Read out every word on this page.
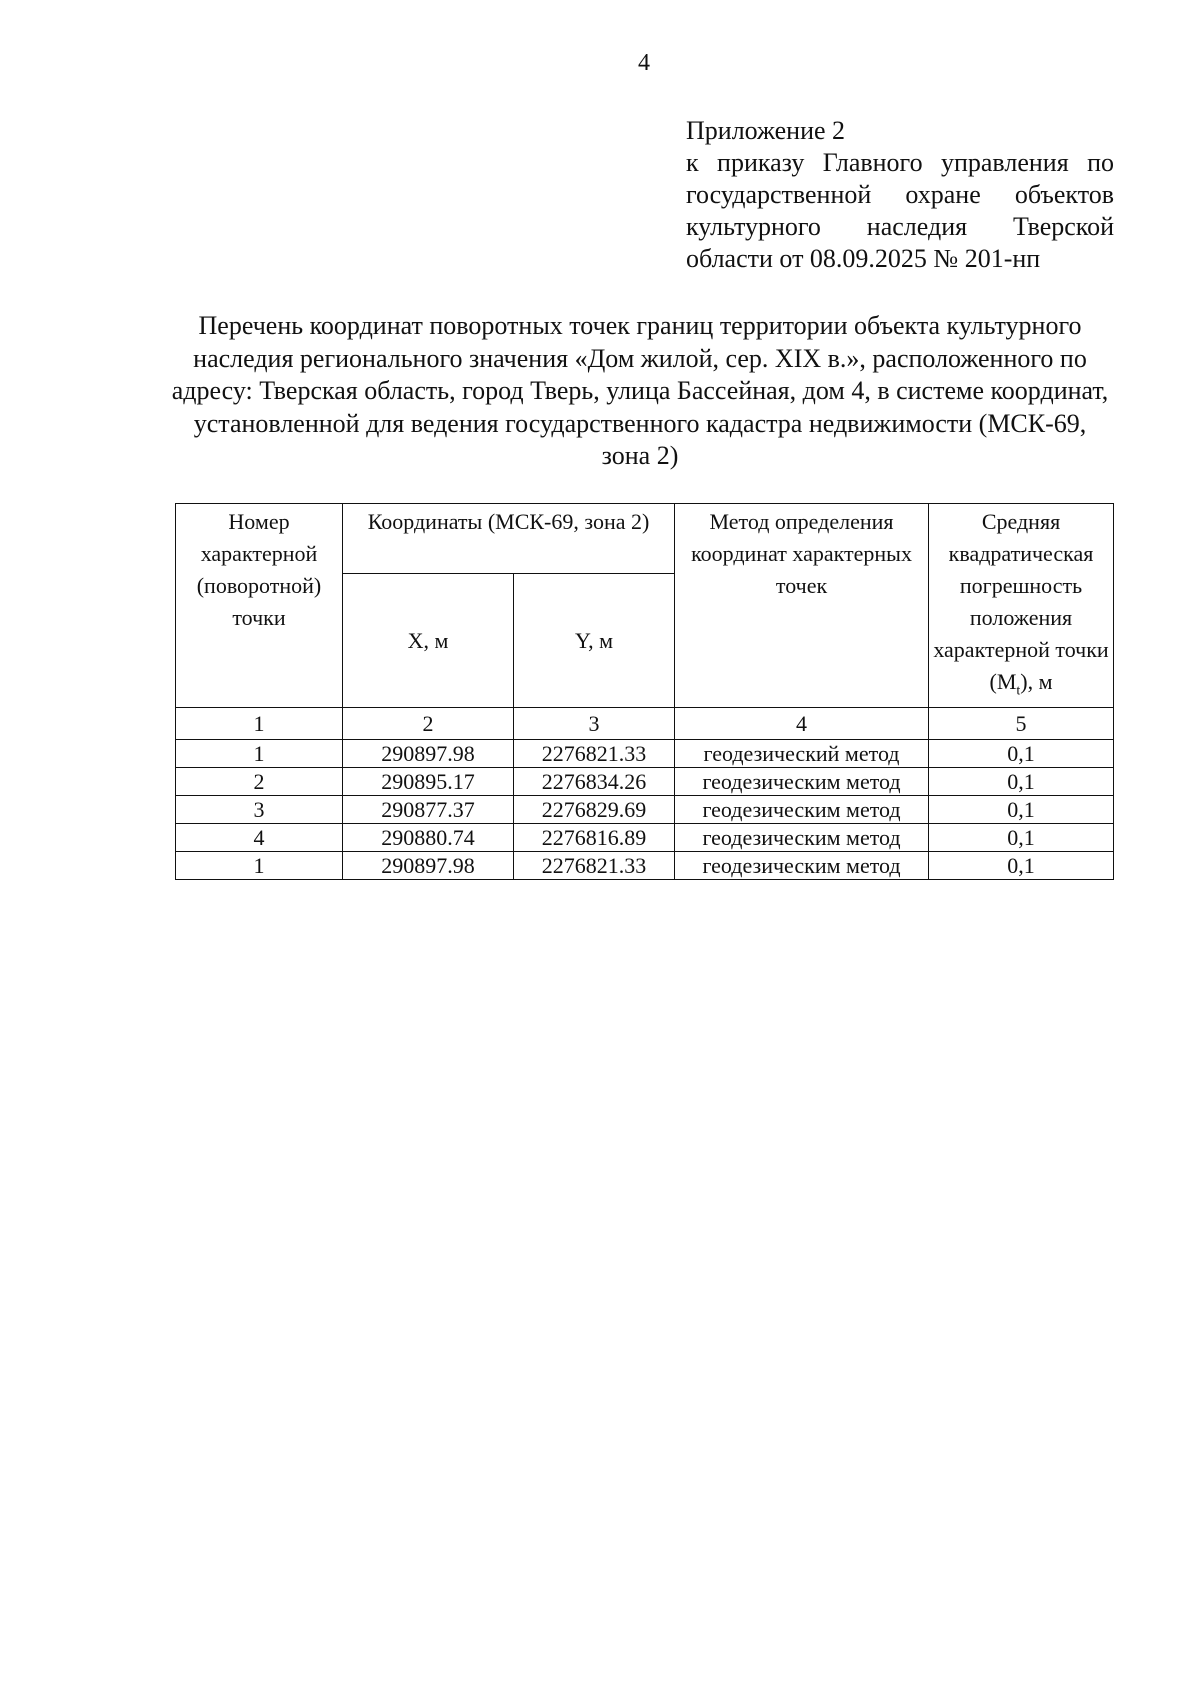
4
Приложение 2
к приказу Главного управления по государственной охране объектов культурного наследия Тверской области от 08.09.2025 № 201-нп
Перечень координат поворотных точек границ территории объекта культурного наследия регионального значения «Дом жилой, сер. XIX в.», расположенного по адресу: Тверская область, город Тверь, улица Бассейная, дом 4, в системе координат, установленной для ведения государственного кадастра недвижимости (МСК-69, зона 2)
Номер характерной (поворотной) точки	Координаты (МСК-69, зона 2)		Метод определения координат характерных точек	Средняя квадратическая погрешность положения характерной точки $(M_t)$, м
	X, м	Y, м		
1	2	3	4	5
1	290897.98	2276821.33	геодезический метод	0,1
2	290895.17	2276834.26	геодезическим метод	0,1
3	290877.37	2276829.69	геодезическим метод	0,1
4	290880.74	2276816.89	геодезическим метод	0,1
1	290897.98	2276821.33	геодезическим метод	0,1
